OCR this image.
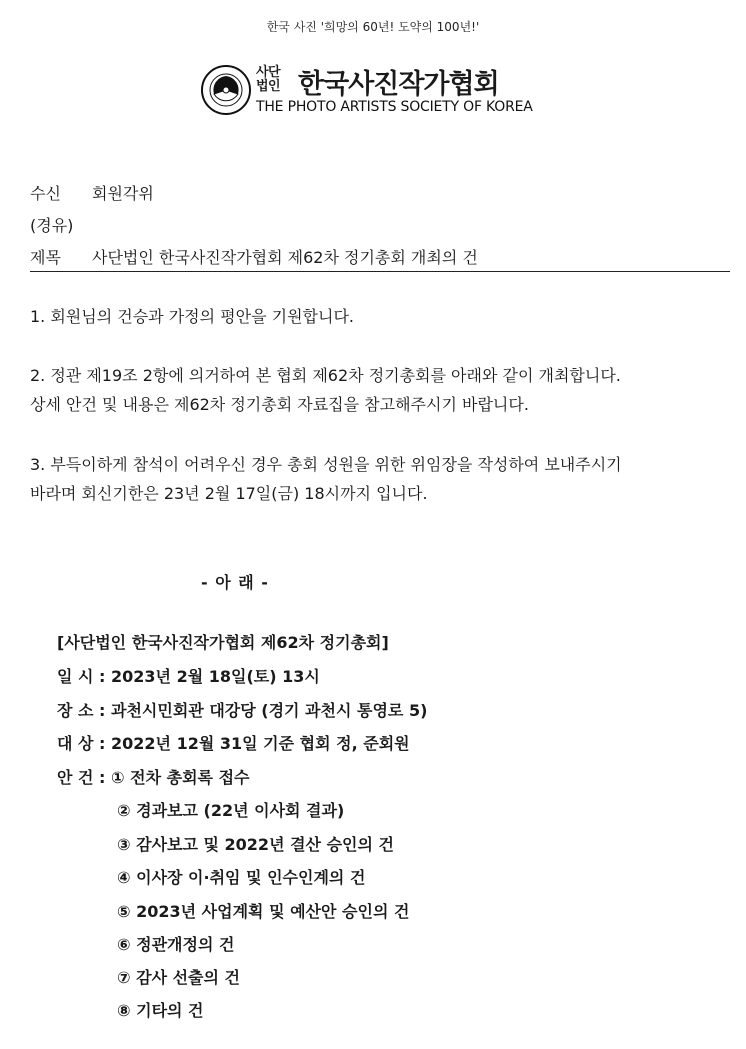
한국 사진 '희망의 60년! 도약의 100년!'
사단
법인 한국사진작가협회
THE PHOTO ARTISTS SOCIETY OF KOREA
수신 회원각위
(경유)
제목 사단법인 한국사진작가협회 제62차 정기총회 개최의 건
1. 회원님의 건승과 가정의 평안을 기원합니다.
2. 정관 제19조 2항에 의거하여 본 협회 제62차 정기총회를 아래와 같이 개최합니다.
상세 안건 및 내용은 제62차 정기총회 자료집을 참고해주시기 바랍니다.
3. 부득이하게 참석이 어려우신 경우 총회 성원을 위한 위임장을 작성하여 보내주시기
바라며 회신기한은 23년 2월 17일(금) 18시까지 입니다.
- 아 래 -
[사단법인 한국사진작가협회 제62차 정기총회]
일 시 : 2023년 2월 18일(토) 13시
장 소 : 과천시민회관 대강당 (경기 과천시 통영로 5)
대 상 : 2022년 12월 31일 기준 협회 정, 준회원
안 건 : ① 전차 총회록 접수
② 경과보고 (22년 이사회 결과)
③ 감사보고 및 2022년 결산 승인의 건
④ 이사장 이·취임 및 인수인계의 건
⑤ 2023년 사업계획 및 예산안 승인의 건
⑥ 정관개정의 건
⑦ 감사 선출의 건
⑧ 기타의 건
